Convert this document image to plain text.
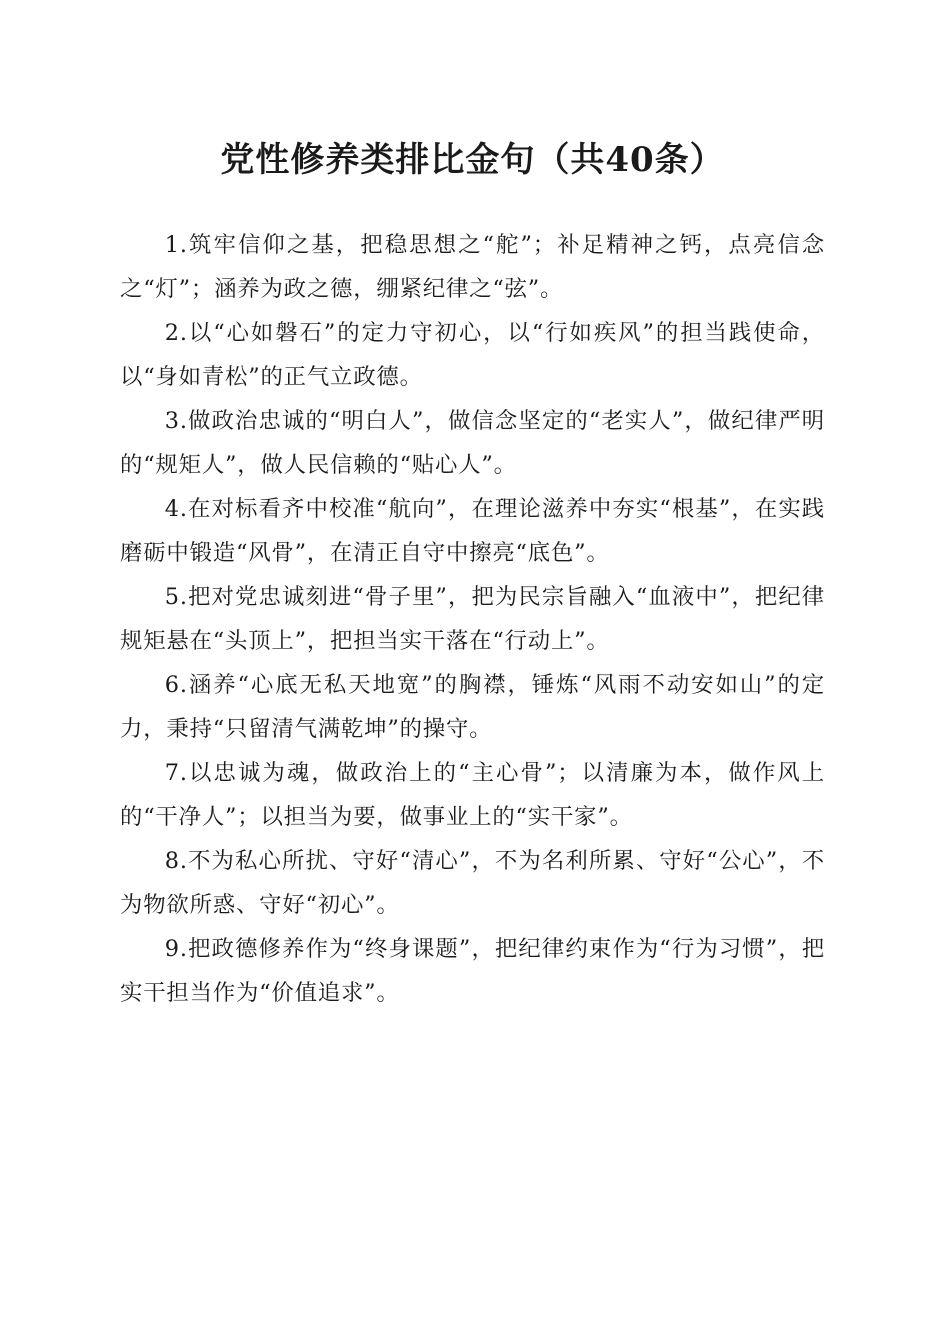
党性修养类排比金句（共40条）

1.筑牢信仰之基，把稳思想之“舵”；补足精神之钙，点亮信念之“灯”；涵养为政之德，绷紧纪律之“弦”。

2.以“心如磐石”的定力守初心，以“行如疾风”的担当践使命，以“身如青松”的正气立政德。

3.做政治忠诚的“明白人”，做信念坚定的“老实人”，做纪律严明的“规矩人”，做人民信赖的“贴心人”。

4.在对标看齐中校准“航向”，在理论滋养中夯实“根基”，在实践磨砺中锻造“风骨”，在清正自守中擦亮“底色”。

5.把对党忠诚刻进“骨子里”，把为民宗旨融入“血液中”，把纪律规矩悬在“头顶上”，把担当实干落在“行动上”。

6.涵养“心底无私天地宽”的胸襟，锤炼“风雨不动安如山”的定力，秉持“只留清气满乾坤”的操守。

7.以忠诚为魂，做政治上的“主心骨”；以清廉为本，做作风上的“干净人”；以担当为要，做事业上的“实干家”。

8.不为私心所扰、守好“清心”，不为名利所累、守好“公心”，不为物欲所惑、守好“初心”。

9.把政德修养作为“终身课题”，把纪律约束作为“行为习惯”，把实干担当作为“价值追求”。
